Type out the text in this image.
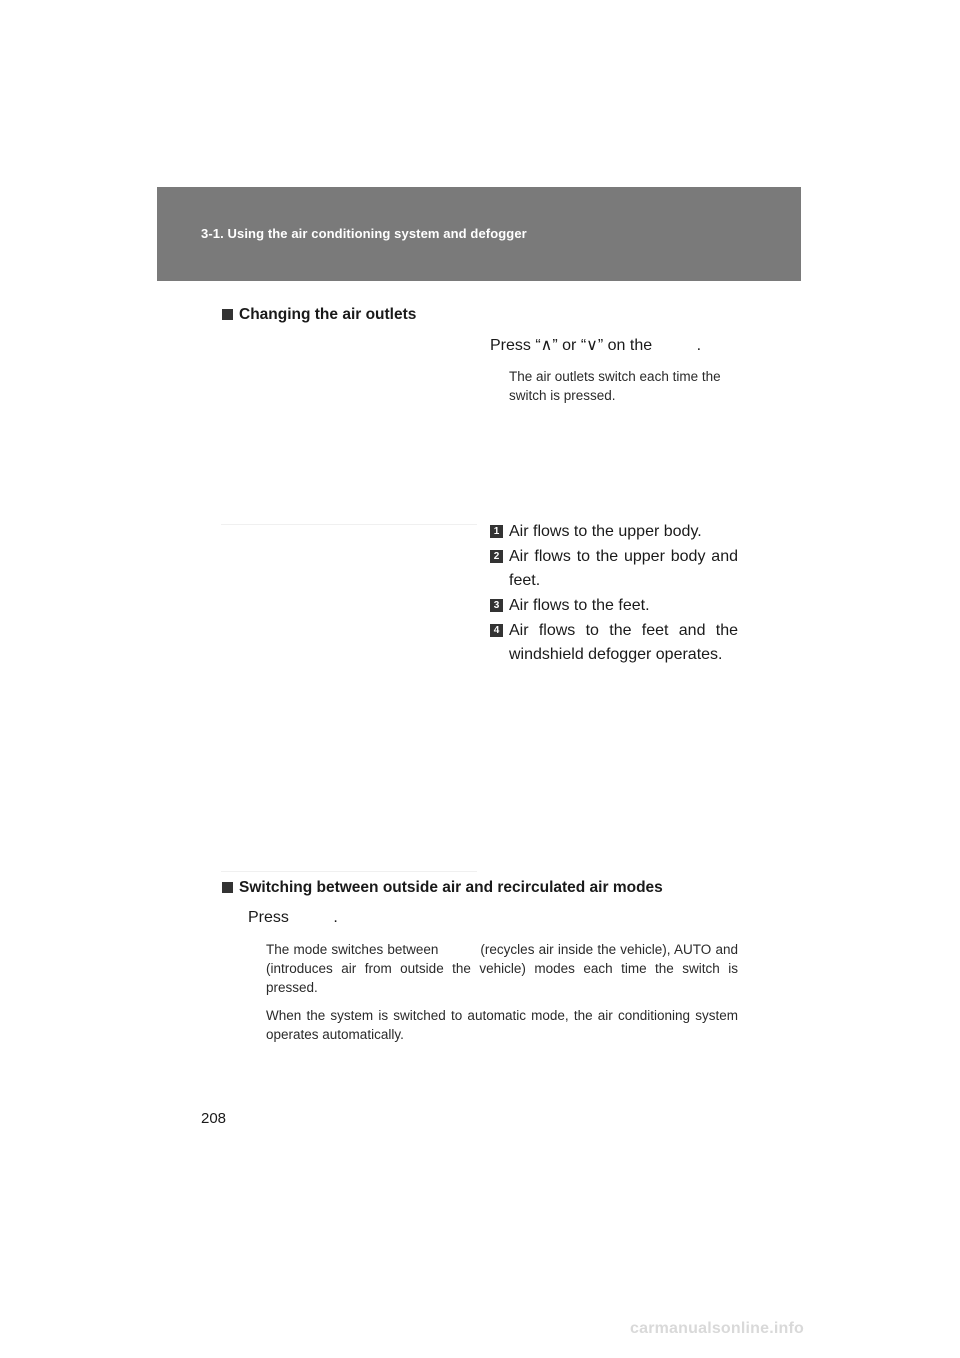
3-1. Using the air conditioning system and defogger
Changing the air outlets
Press “∧” or “∨” on the          .
The air outlets switch each time the switch is pressed.
1 Air flows to the upper body.
2 Air flows to the upper body and feet.
3 Air flows to the feet.
4 Air flows to the feet and the windshield defogger operates.
Switching between outside air and recirculated air modes
Press          .
The mode switches between          (recycles air inside the vehicle), AUTO and          (introduces air from outside the vehicle) modes each time the switch is pressed.
When the system is switched to automatic mode, the air conditioning system operates automatically.
208
carmanualsonline.info
